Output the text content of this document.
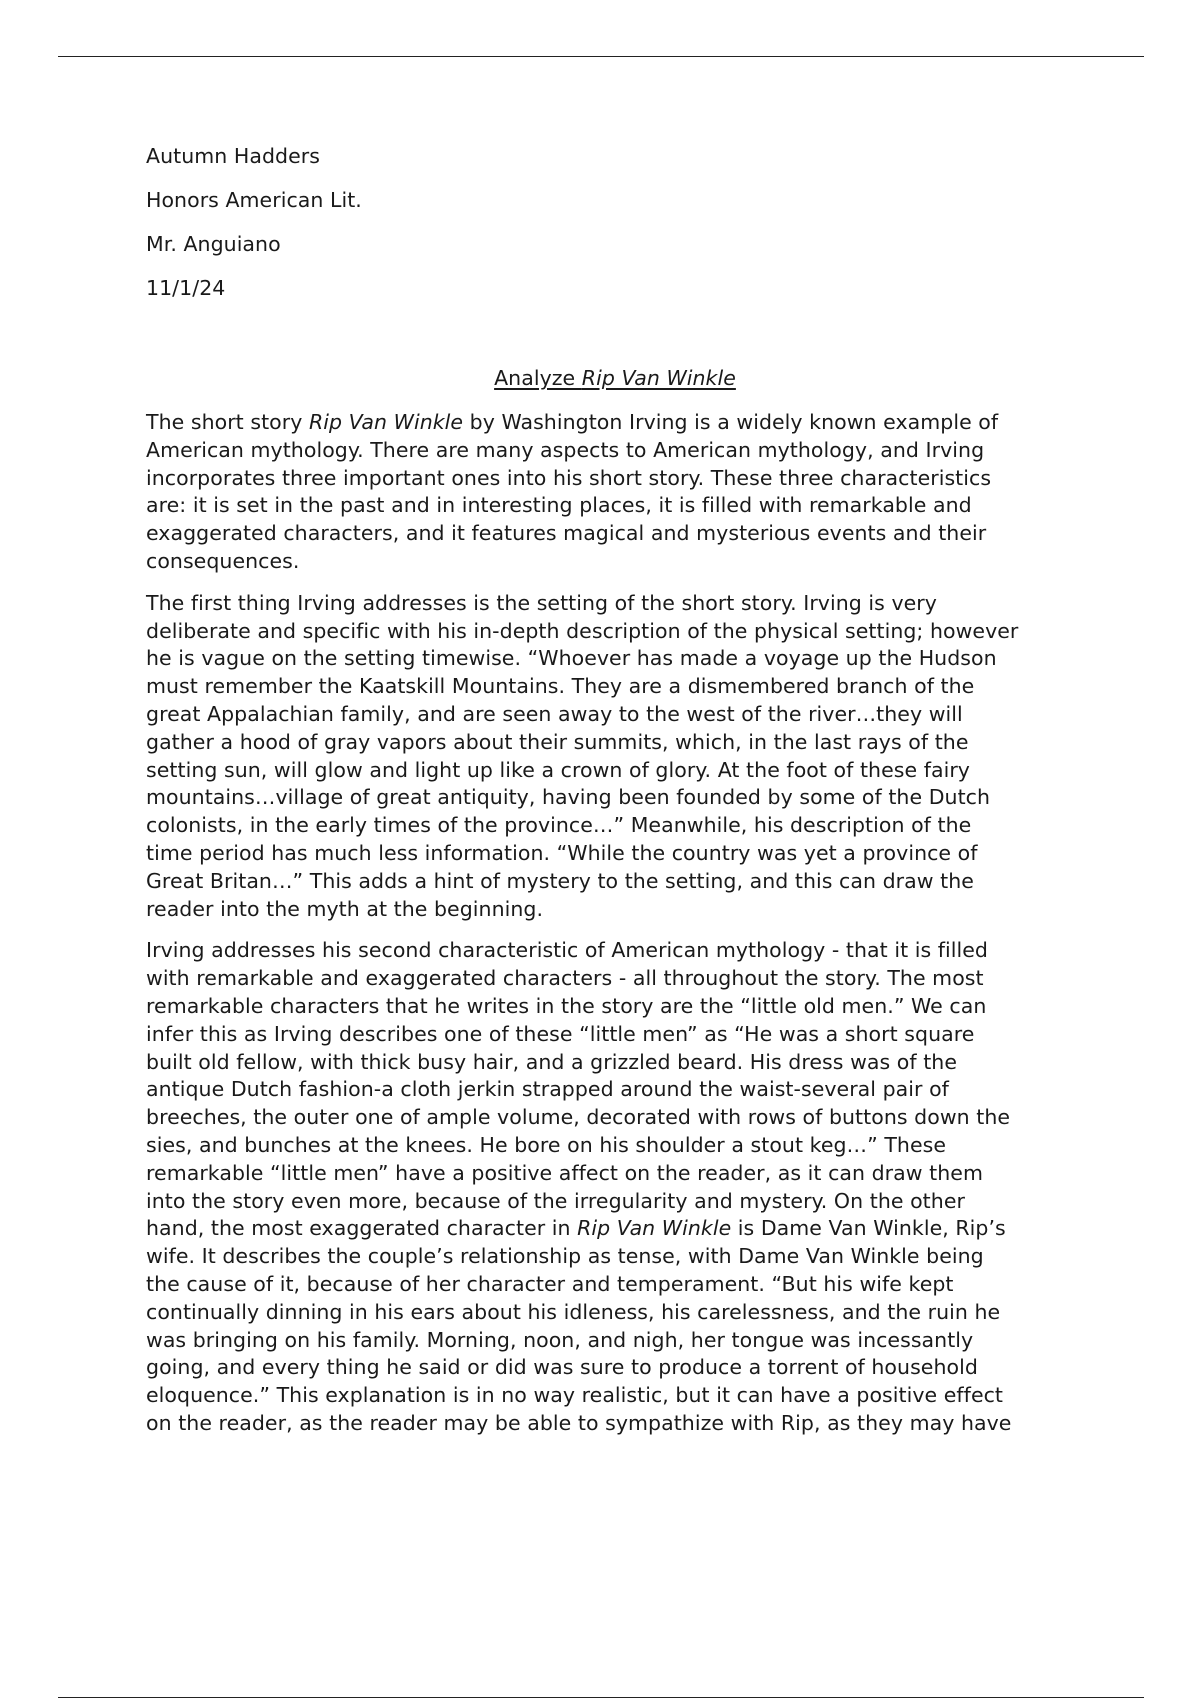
Autumn Hadders
Honors American Lit.
Mr. Anguiano
11/1/24
Analyze Rip Van Winkle
The short story Rip Van Winkle by Washington Irving is a widely known example of
American mythology. There are many aspects to American mythology, and Irving
incorporates three important ones into his short story. These three characteristics
are: it is set in the past and in interesting places, it is filled with remarkable and
exaggerated characters, and it features magical and mysterious events and their
consequences.
The first thing Irving addresses is the setting of the short story. Irving is very
deliberate and specific with his in-depth description of the physical setting; however
he is vague on the setting timewise. “Whoever has made a voyage up the Hudson
must remember the Kaatskill Mountains. They are a dismembered branch of the
great Appalachian family, and are seen away to the west of the river…they will
gather a hood of gray vapors about their summits, which, in the last rays of the
setting sun, will glow and light up like a crown of glory. At the foot of these fairy
mountains…village of great antiquity, having been founded by some of the Dutch
colonists, in the early times of the province…” Meanwhile, his description of the
time period has much less information. “While the country was yet a province of
Great Britan…” This adds a hint of mystery to the setting, and this can draw the
reader into the myth at the beginning.
Irving addresses his second characteristic of American mythology - that it is filled
with remarkable and exaggerated characters - all throughout the story. The most
remarkable characters that he writes in the story are the “little old men.” We can
infer this as Irving describes one of these “little men” as “He was a short square
built old fellow, with thick busy hair, and a grizzled beard. His dress was of the
antique Dutch fashion-a cloth jerkin strapped around the waist-several pair of
breeches, the outer one of ample volume, decorated with rows of buttons down the
sies, and bunches at the knees. He bore on his shoulder a stout keg…” These
remarkable “little men” have a positive affect on the reader, as it can draw them
into the story even more, because of the irregularity and mystery. On the other
hand, the most exaggerated character in Rip Van Winkle is Dame Van Winkle, Rip’s
wife. It describes the couple’s relationship as tense, with Dame Van Winkle being
the cause of it, because of her character and temperament. “But his wife kept
continually dinning in his ears about his idleness, his carelessness, and the ruin he
was bringing on his family. Morning, noon, and nigh, her tongue was incessantly
going, and every thing he said or did was sure to produce a torrent of household
eloquence.” This explanation is in no way realistic, but it can have a positive effect
on the reader, as the reader may be able to sympathize with Rip, as they may have
